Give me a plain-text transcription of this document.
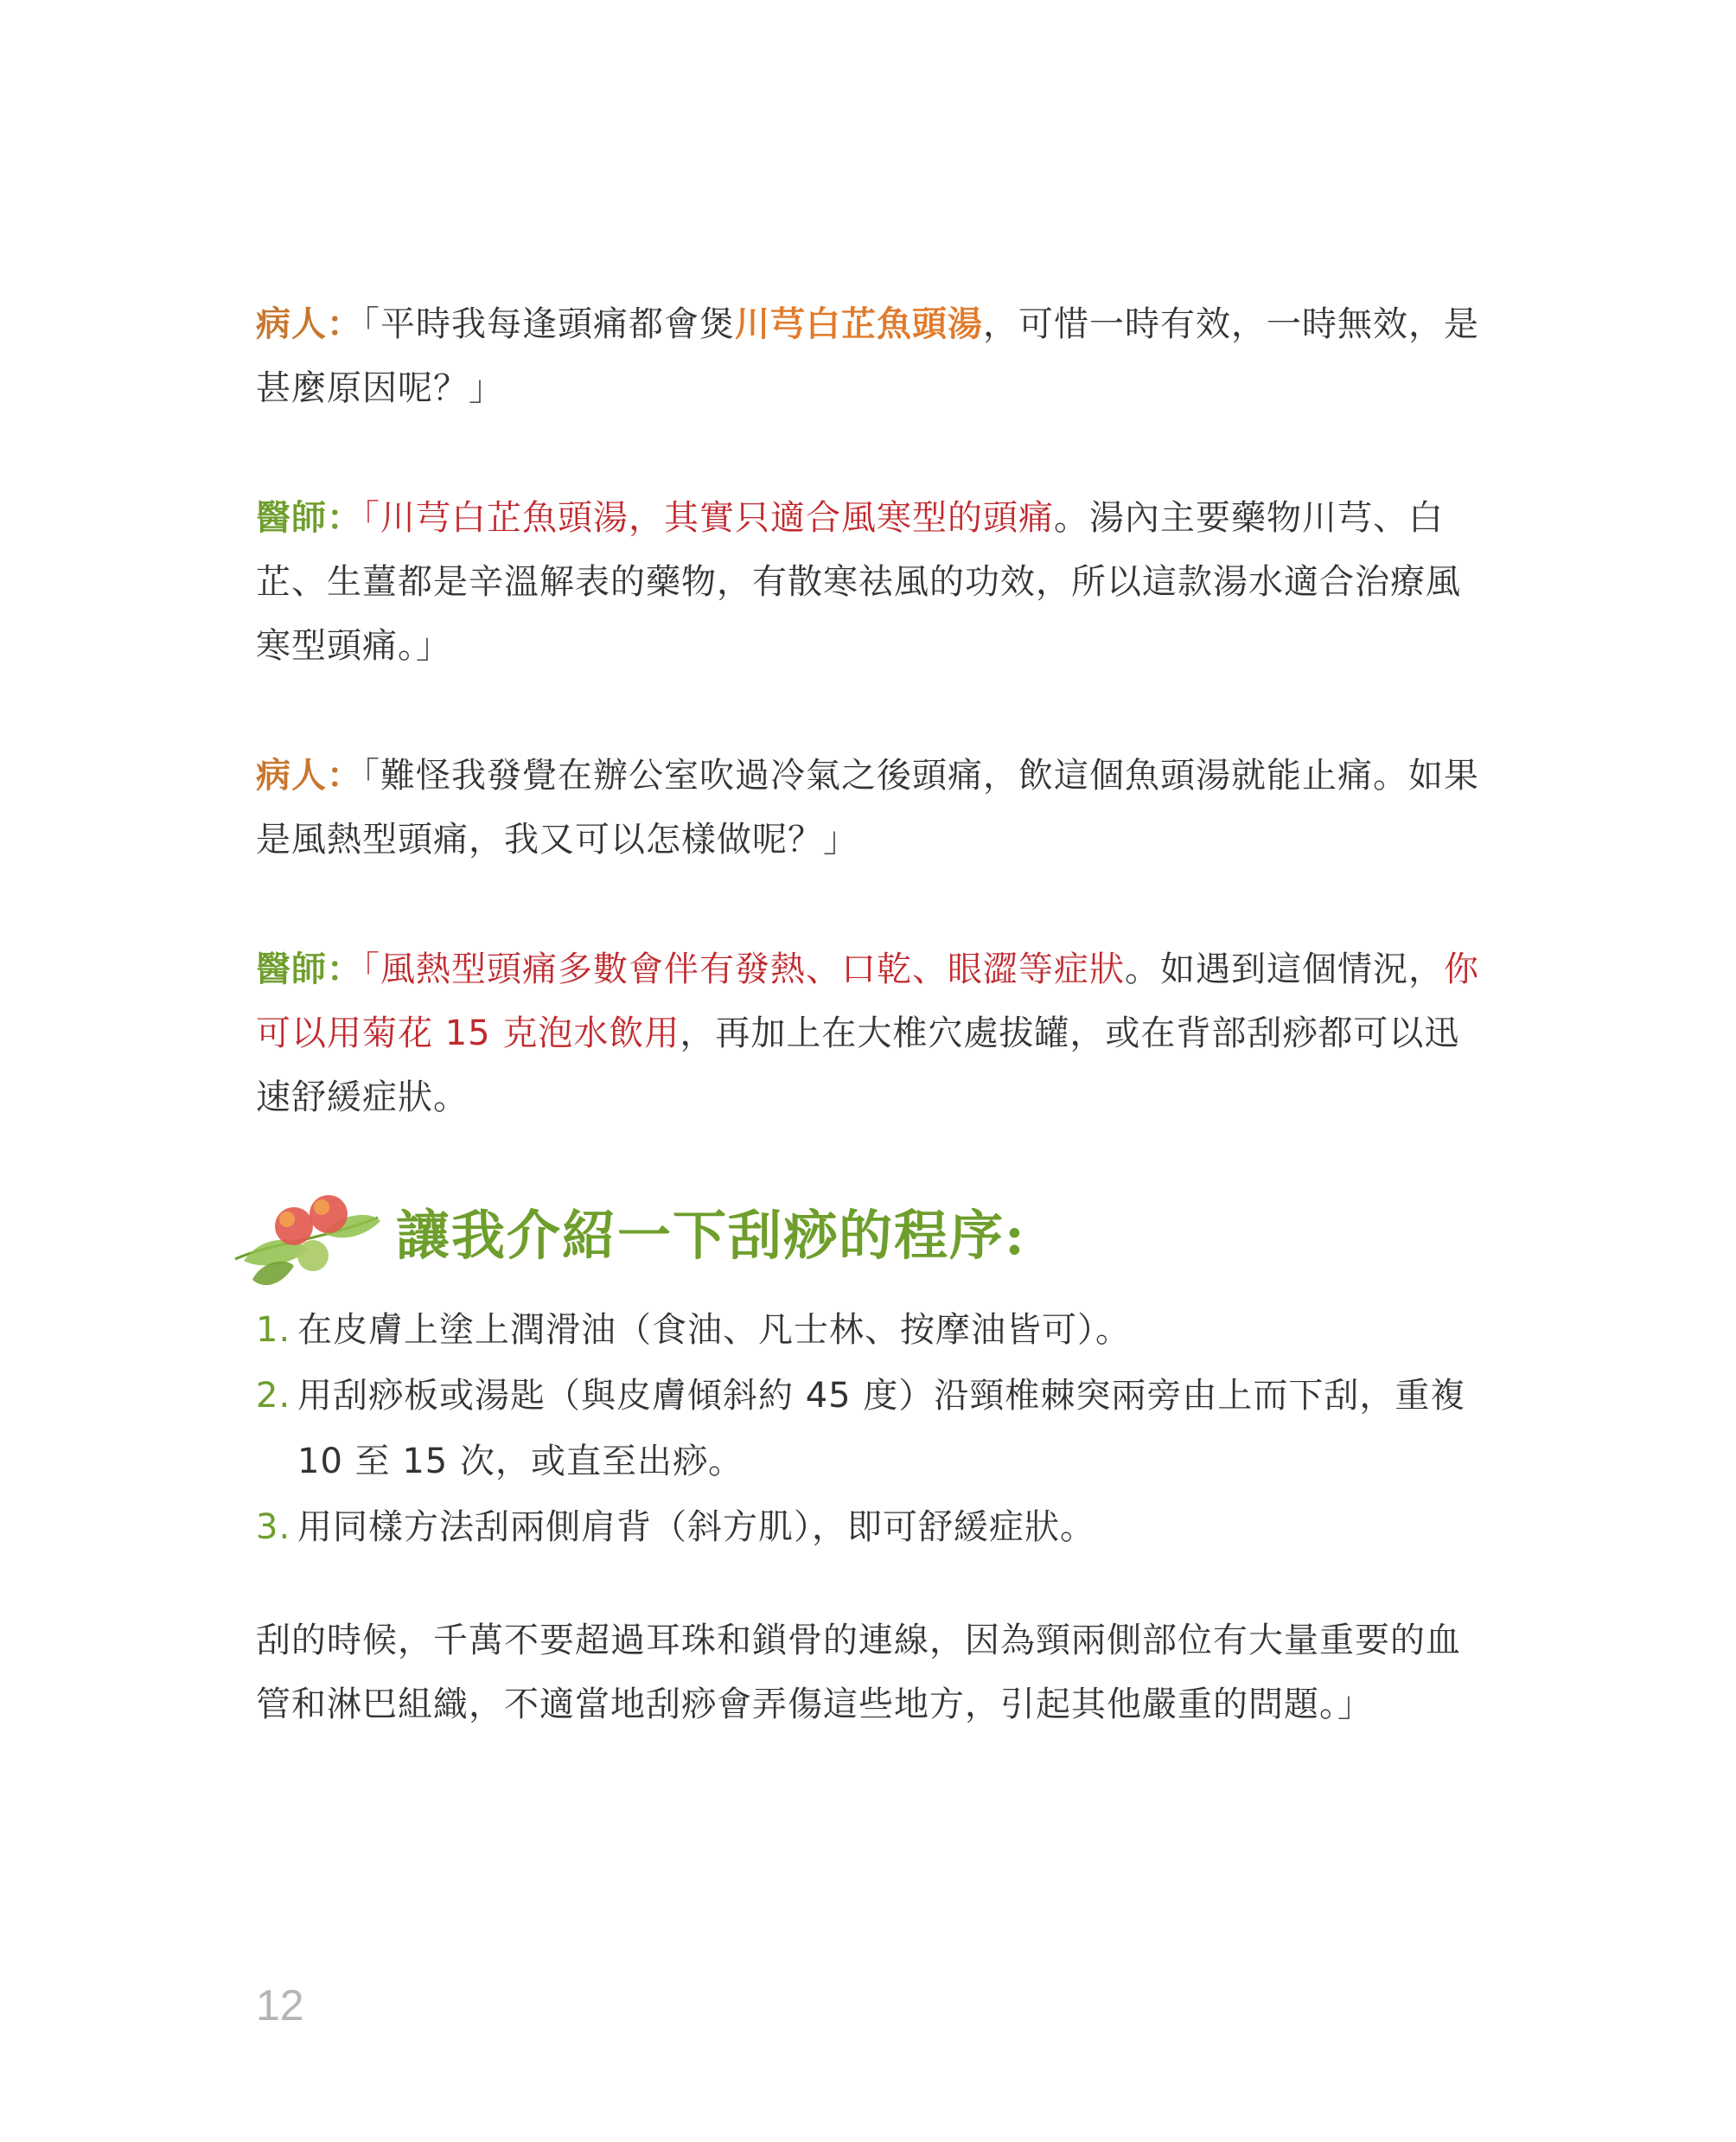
病人：「平時我每逢頭痛都會煲川芎白芷魚頭湯，可惜一時有效，一時無效，是甚麼原因呢？」

醫師：「川芎白芷魚頭湯，其實只適合風寒型的頭痛。湯內主要藥物川芎、白芷、生薑都是辛溫解表的藥物，有散寒祛風的功效，所以這款湯水適合治療風寒型頭痛。」

病人：「難怪我發覺在辦公室吹過冷氣之後頭痛，飲這個魚頭湯就能止痛。如果是風熱型頭痛，我又可以怎樣做呢？」

醫師：「風熱型頭痛多數會伴有發熱、口乾、眼澀等症狀。如遇到這個情況，你可以用菊花 15 克泡水飲用，再加上在大椎穴處拔罐，或在背部刮痧都可以迅速舒緩症狀。

讓我介紹一下刮痧的程序:
1. 在皮膚上塗上潤滑油（食油、凡士林、按摩油皆可）。
2. 用刮痧板或湯匙（與皮膚傾斜約 45 度）沿頸椎棘突兩旁由上而下刮，重複 10 至 15 次，或直至出痧。
3. 用同樣方法刮兩側肩背（斜方肌），即可舒緩症狀。

刮的時候，千萬不要超過耳珠和鎖骨的連線，因為頸兩側部位有大量重要的血管和淋巴組織，不適當地刮痧會弄傷這些地方，引起其他嚴重的問題。」

12
